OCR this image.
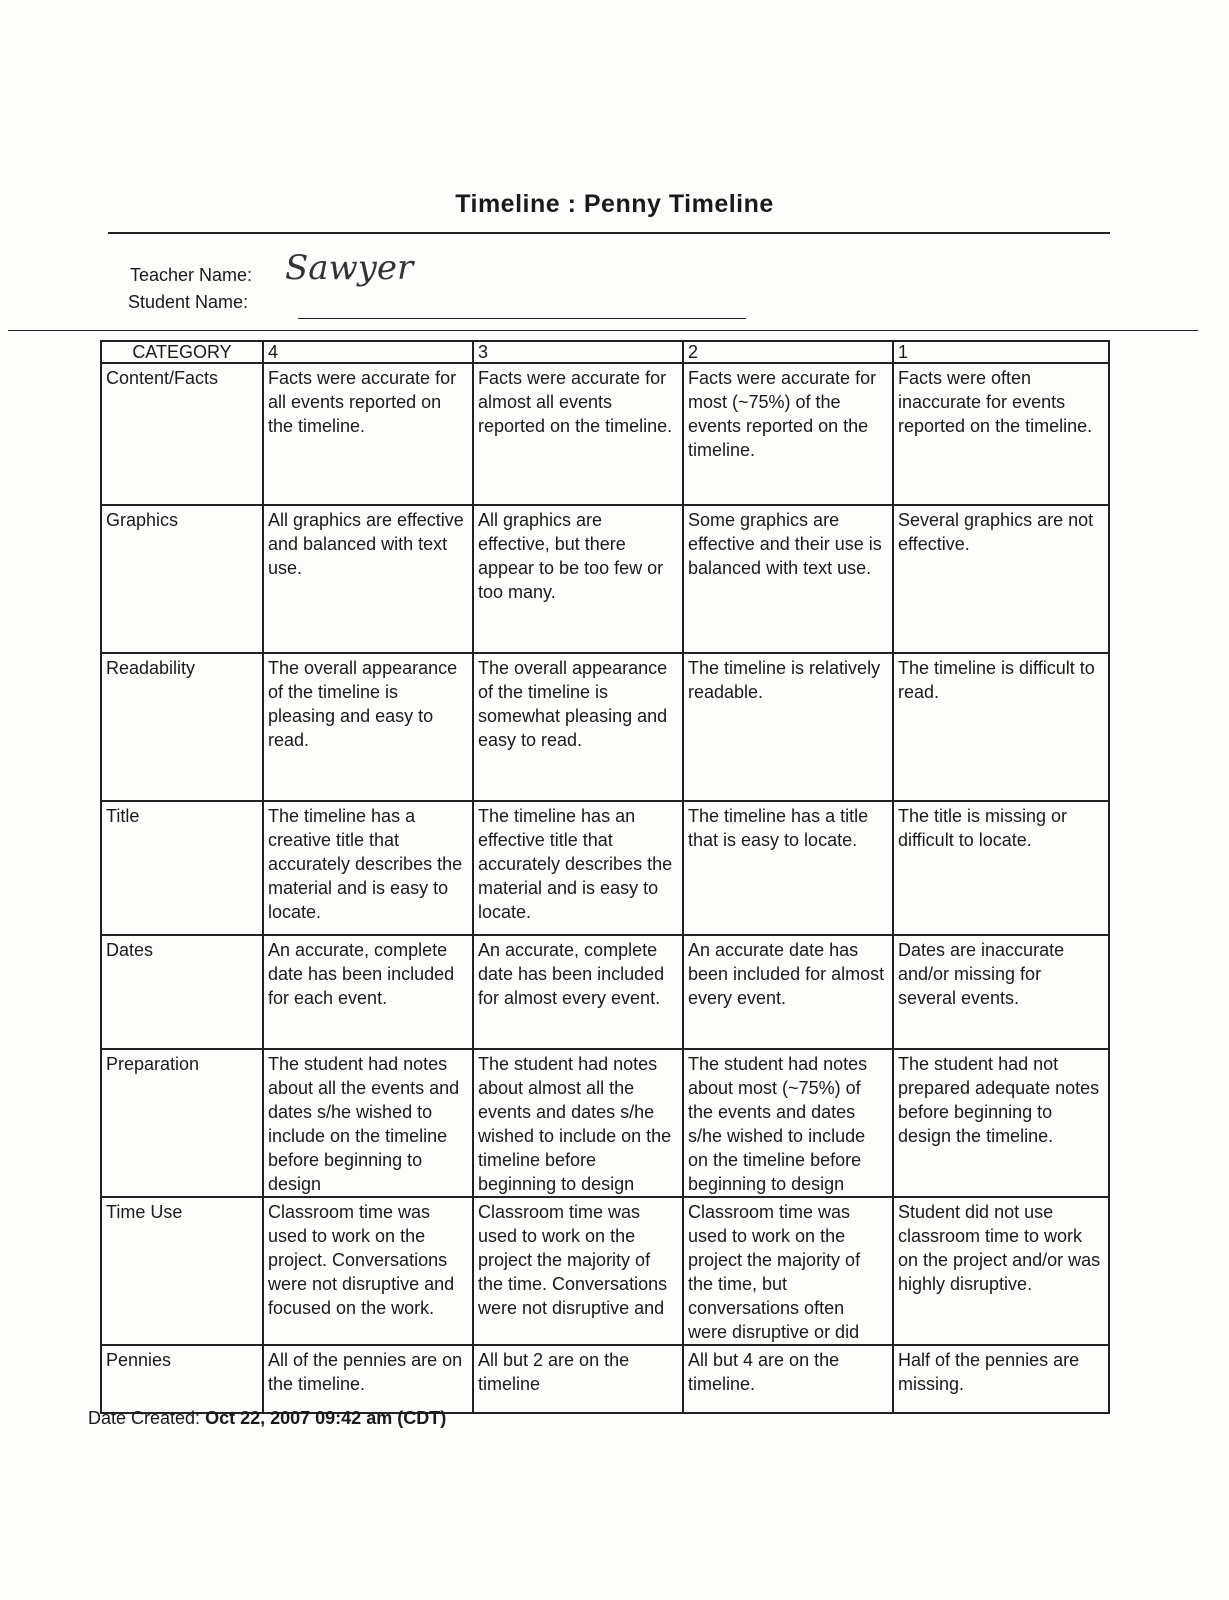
Timeline : Penny Timeline
Teacher Name: Sawyer
Student Name:
CATEGORY	4	3	2	1

Content/Facts	Facts were accurate for all events reported on the timeline.	Facts were accurate for almost all events reported on the timeline.	Facts were accurate for most (~75%) of the events reported on the timeline.	Facts were often inaccurate for events reported on the timeline.

Graphics	All graphics are effective and balanced with text use.	All graphics are effective, but there appear to be too few or too many.	Some graphics are effective and their use is balanced with text use.	Several graphics are not effective.

Readability	The overall appearance of the timeline is pleasing and easy to read.	The overall appearance of the timeline is somewhat pleasing and easy to read.	The timeline is relatively readable.	The timeline is difficult to read.

Title	The timeline has a creative title that accurately describes the material and is easy to locate.	The timeline has an effective title that accurately describes the material and is easy to locate.	The timeline has a title that is easy to locate.	The title is missing or difficult to locate.

Dates	An accurate, complete date has been included for each event.	An accurate, complete date has been included for almost every event.	An accurate date has been included for almost every event.	Dates are inaccurate and/or missing for several events.

Preparation	The student had notes about all the events and dates s/he wished to include on the timeline before beginning to design	The student had notes about almost all the events and dates s/he wished to include on the timeline before beginning to design	The student had notes about most (~75%) of the events and dates s/he wished to include on the timeline before beginning to design	The student had not prepared adequate notes before beginning to design the timeline.

Time Use	Classroom time was used to work on the project. Conversations were not disruptive and focused on the work.	Classroom time was used to work on the project the majority of the time. Conversations were not disruptive and	Classroom time was used to work on the project the majority of the time, but conversations often were disruptive or did	Student did not use classroom time to work on the project and/or was highly disruptive.

Pennies	All of the pennies are on the timeline.	All but 2 are on the timeline	All but 4 are on the timeline.	Half of the pennies are missing.
Date Created: Oct 22, 2007 09:42 am (CDT)
